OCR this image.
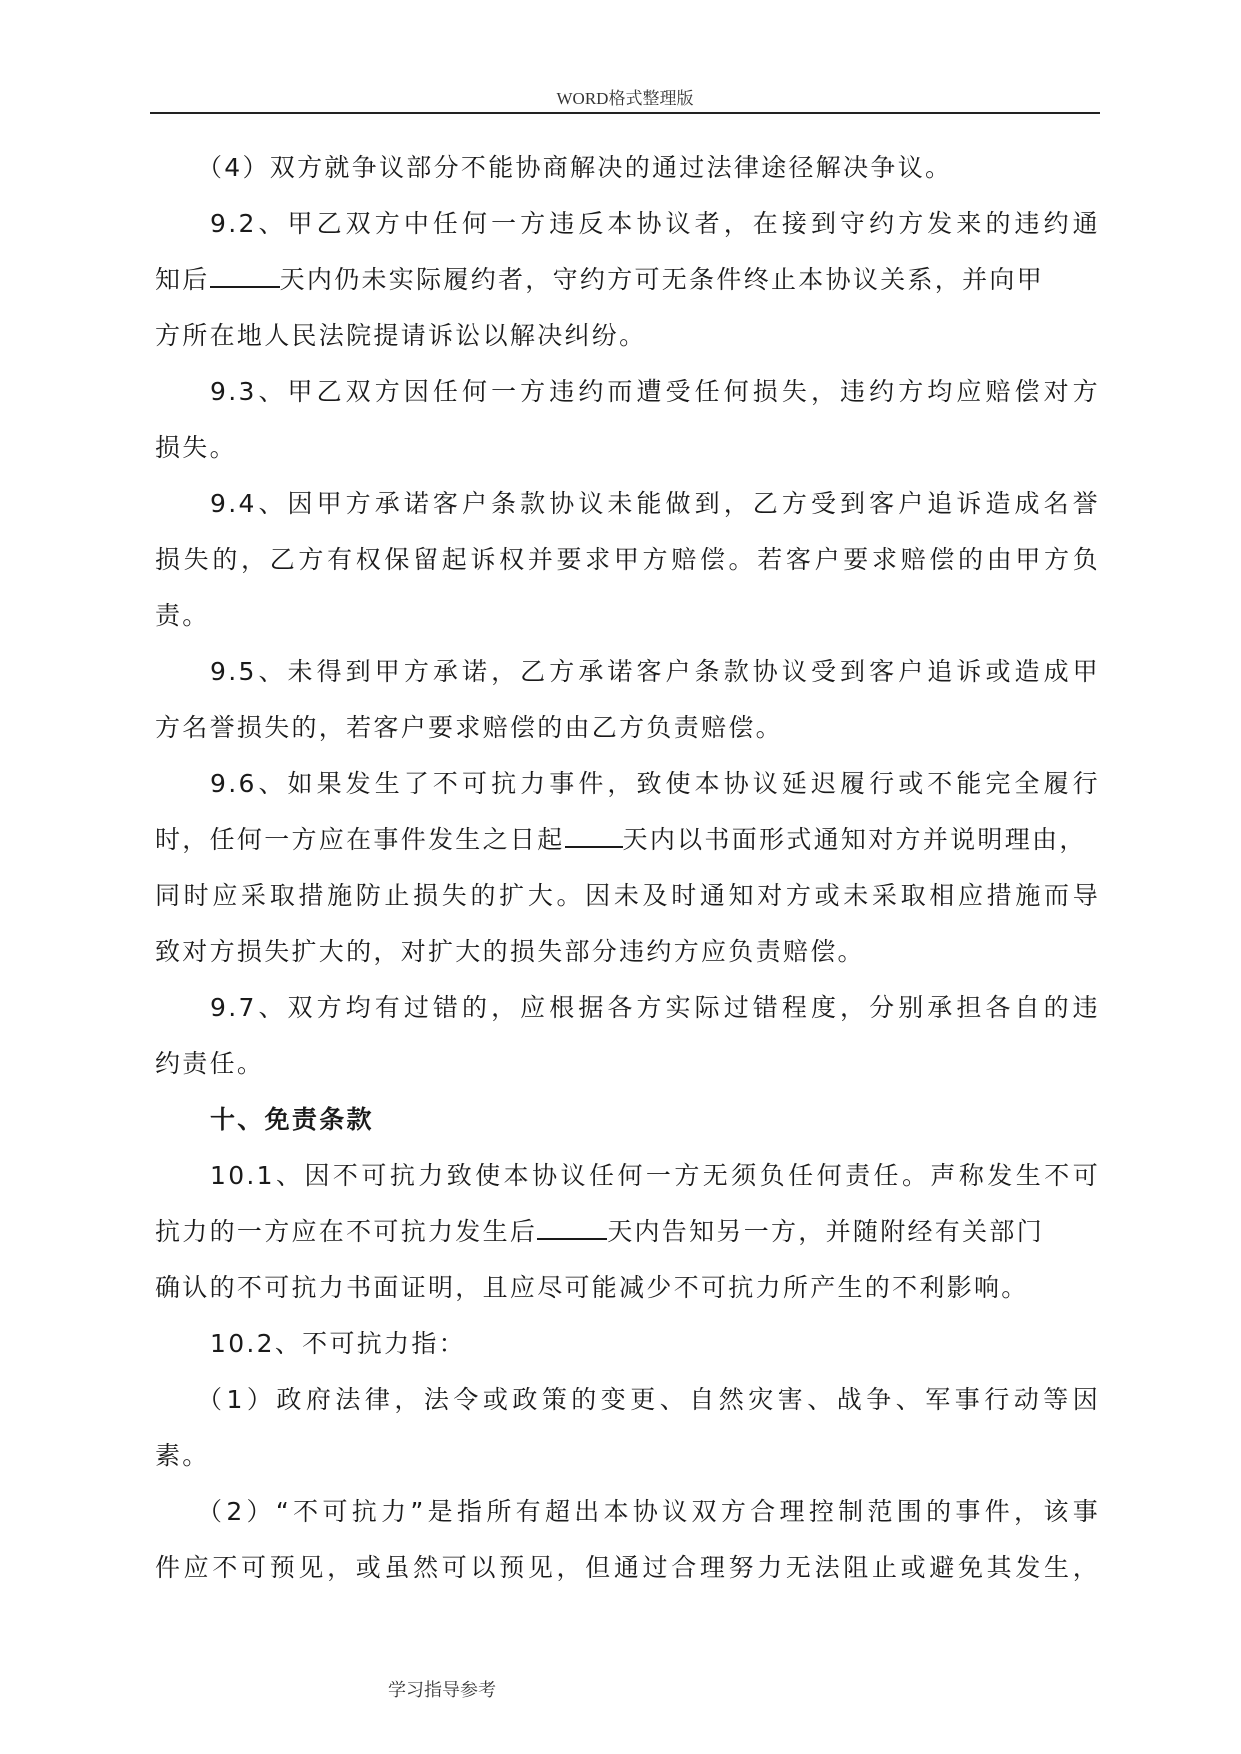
WORD格式整理版
（4）双方就争议部分不能协商解决的通过法律途径解决争议。
9.2、甲乙双方中任何一方违反本协议者，在接到守约方发来的违约通
知后	天内仍未实际履约者，守约方可无条件终止本协议关系，并向甲
方所在地人民法院提请诉讼以解决纠纷。
9.3、甲乙双方因任何一方违约而遭受任何损失，违约方均应赔偿对方
损失。
9.4、因甲方承诺客户条款协议未能做到，乙方受到客户追诉造成名誉
损失的，乙方有权保留起诉权并要求甲方赔偿。若客户要求赔偿的由甲方负
责。
9.5、未得到甲方承诺，乙方承诺客户条款协议受到客户追诉或造成甲
方名誉损失的，若客户要求赔偿的由乙方负责赔偿。
9.6、如果发生了不可抗力事件，致使本协议延迟履行或不能完全履行
时，任何一方应在事件发生之日起 天内以书面形式通知对方并说明理由，
同时应采取措施防止损失的扩大。因未及时通知对方或未采取相应措施而导
致对方损失扩大的，对扩大的损失部分违约方应负责赔偿。
9.7、双方均有过错的，应根据各方实际过错程度，分别承担各自的违
约责任。
十、免责条款
10.1、因不可抗力致使本协议任何一方无须负任何责任。声称发生不可
抗力的一方应在不可抗力发生后	天内告知另一方，并随附经有关部门
确认的不可抗力书面证明，且应尽可能减少不可抗力所产生的不利影响。
10.2、不可抗力指：
（1）政府法律，法令或政策的变更、自然灾害、战争、军事行动等因
素。
（2）“不可抗力”是指所有超出本协议双方合理控制范围的事件，该事
件应不可预见，或虽然可以预见，但通过合理努力无法阻止或避免其发生，
学习指导参考
